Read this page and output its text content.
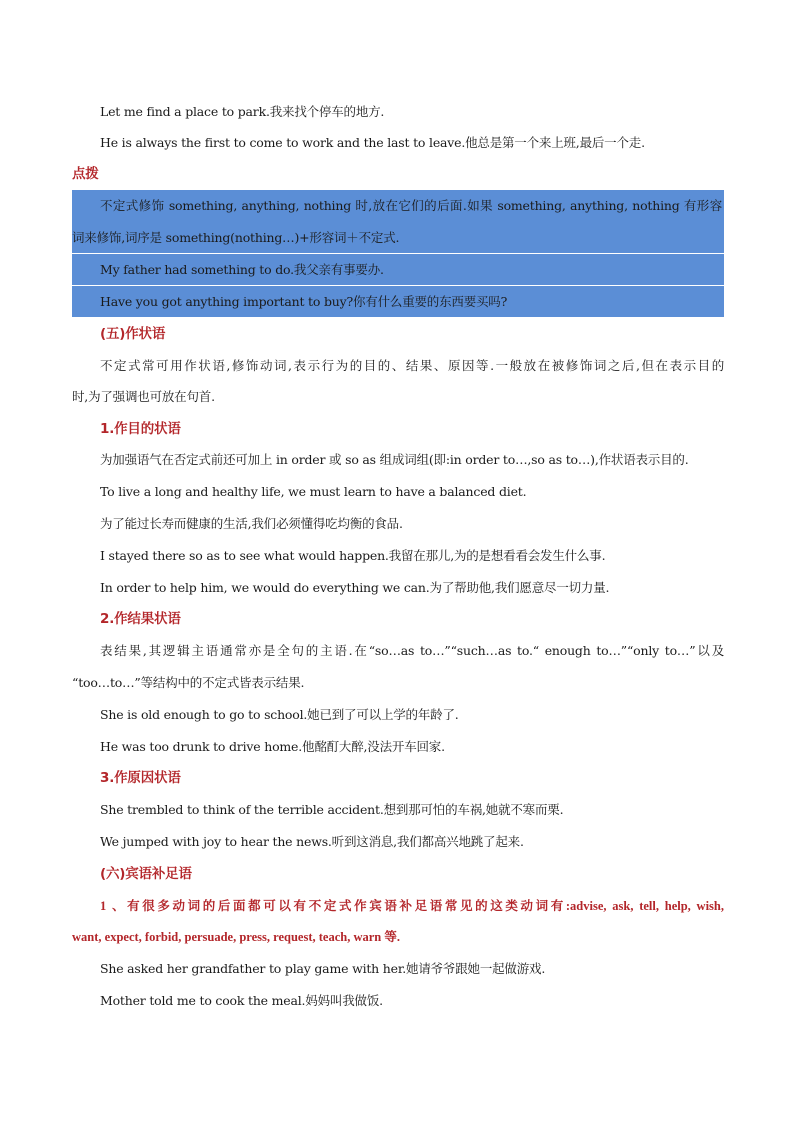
Let me find a place to park.我来找个停车的地方.
He is always the first to come to work and the last to leave.他总是第一个来上班,最后一个走.
点拨
不定式修饰 something, anything, nothing 时,放在它们的后面.如果 something, anything, nothing 有形容
词来修饰,词序是 something(nothing…)+形容词＋不定式.
My father had something to do.我父亲有事要办.
Have you got anything important to buy?你有什么重要的东西要买吗?
(五)作状语
不定式常可用作状语,修饰动词,表示行为的目的、结果、原因等.一般放在被修饰词之后,但在表示目的
时,为了强调也可放在句首.
1.作目的状语
为加强语气在否定式前还可加上 in order 或 so as 组成词组(即:in order to…,so as to…),作状语表示目的.
To live a long and healthy life, we must learn to have a balanced diet.
为了能过长寿而健康的生活,我们必须懂得吃均衡的食品.
I stayed there so as to see what would happen.我留在那儿,为的是想看看会发生什么事.
In order to help him, we would do everything we can.为了帮助他,我们愿意尽一切力量.
2.作结果状语
表结果,其逻辑主语通常亦是全句的主语.在“so…as to…”“such…as to.“ enough to…”“only to…”以及
“too…to…”等结构中的不定式皆表示结果.
She is old enough to go to school.她已到了可以上学的年龄了.
He was too drunk to drive home.他酩酊大醉,没法开车回家.
3.作原因状语
She trembled to think of the terrible accident.想到那可怕的车祸,她就不寒而栗.
We jumped with joy to hear the news.听到这消息,我们都高兴地跳了起来.
(六)宾语补足语
1 、有很多动词的后面都可以有不定式作宾语补足语常见的这类动词有:advise, ask, tell, help, wish,
want, expect, forbid, persuade, press, request, teach, warn 等.
She asked her grandfather to play game with her.她请爷爷跟她一起做游戏.
Mother told me to cook the meal.妈妈叫我做饭.
